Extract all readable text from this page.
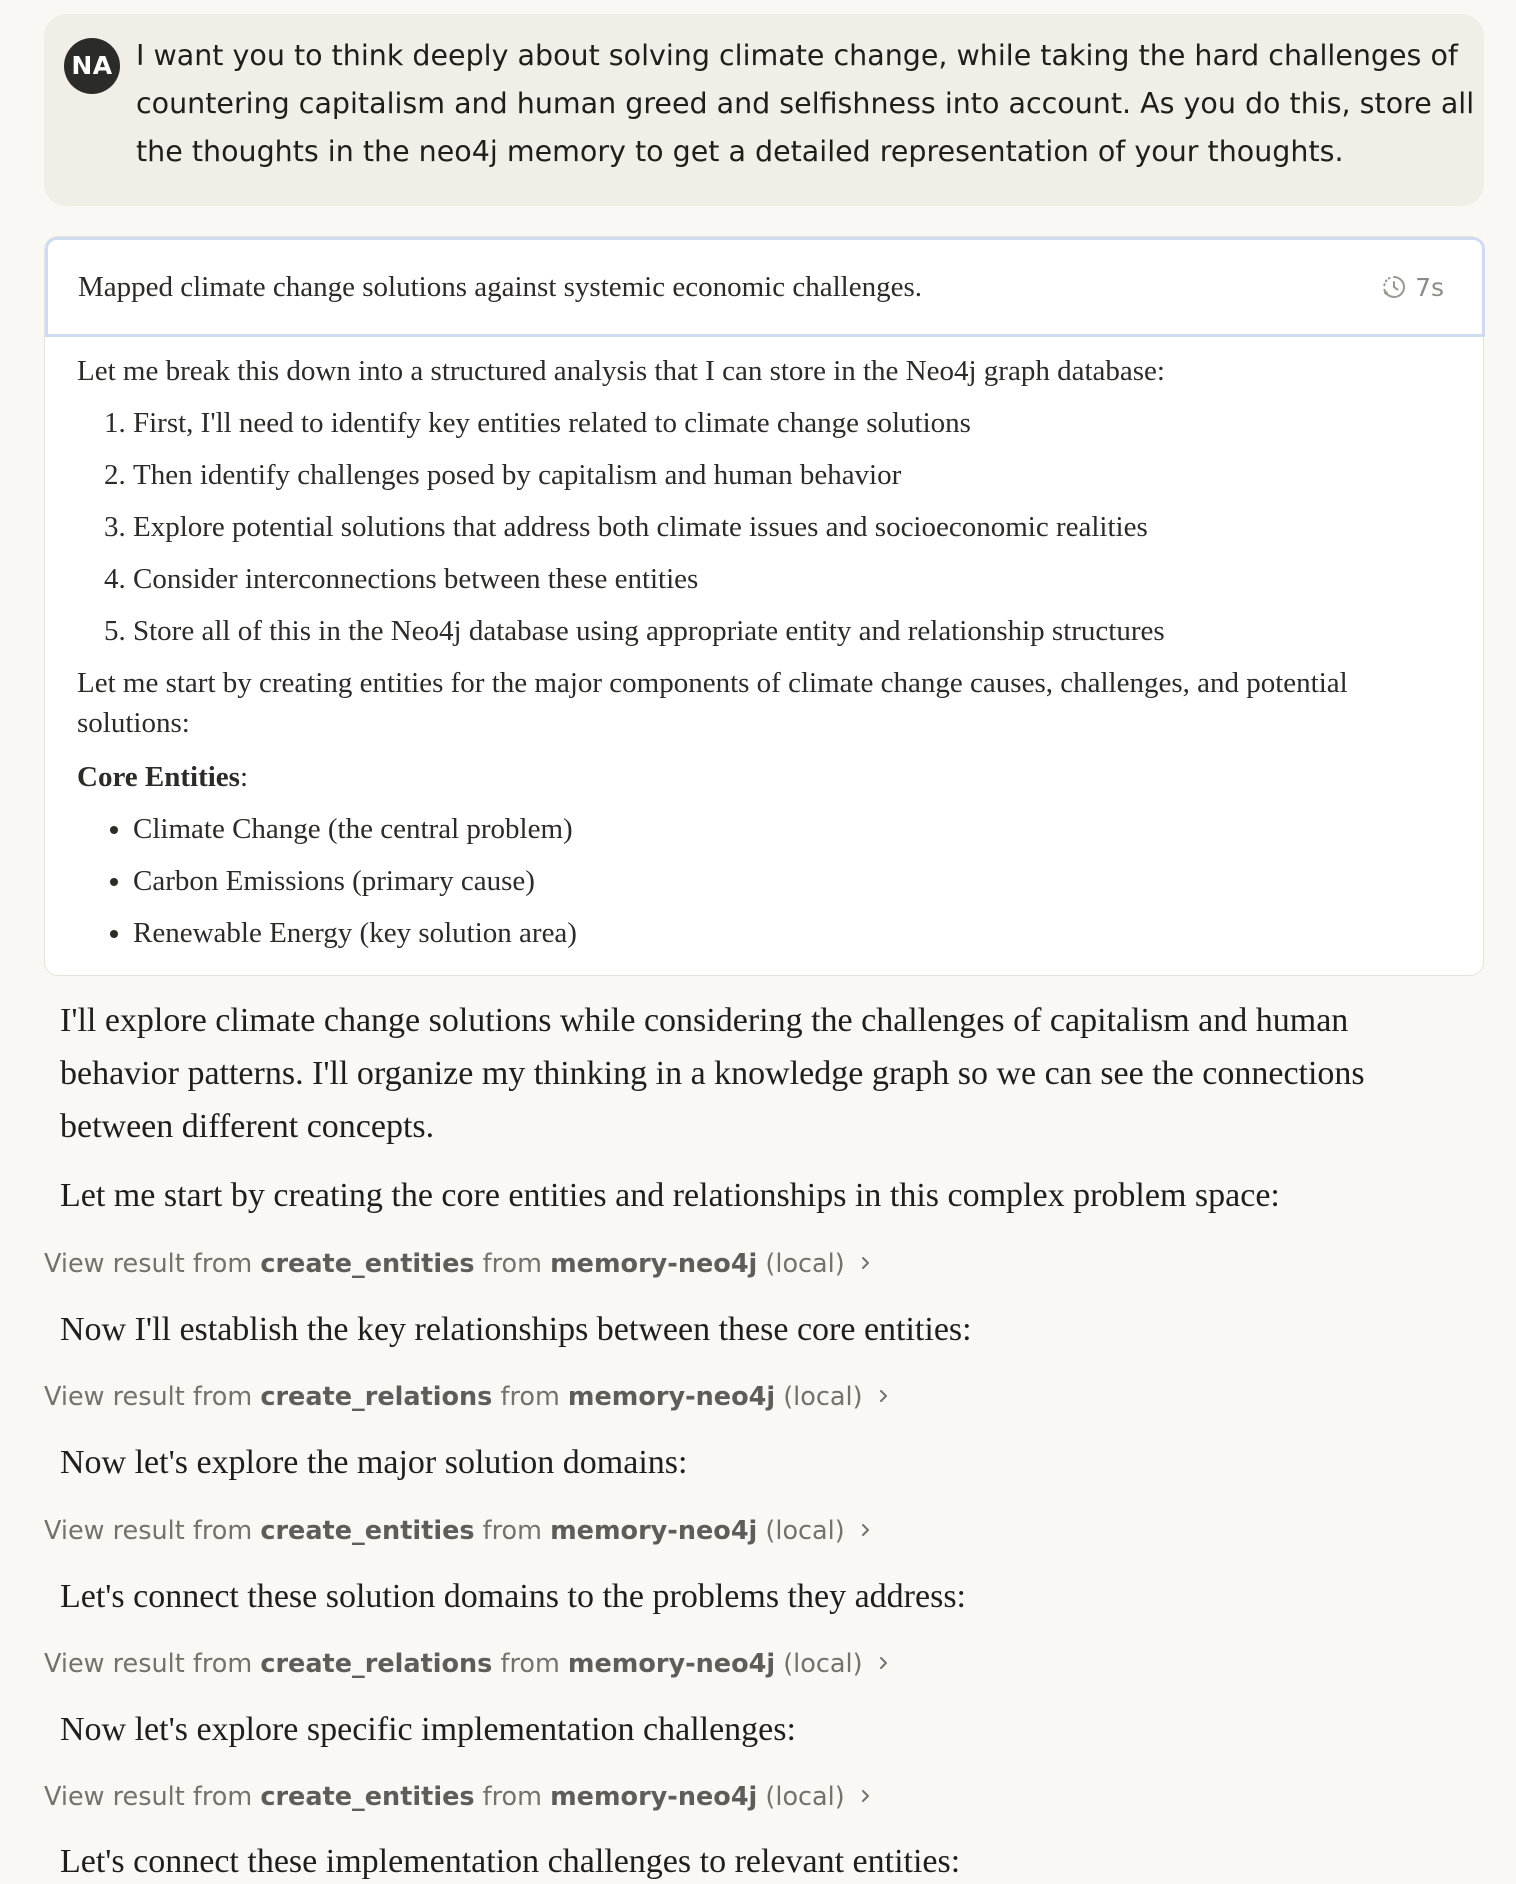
NA I want you to think deeply about solving climate change, while taking the hard challenges of countering capitalism and human greed and selfishness into account. As you do this, store all the thoughts in the neo4j memory to get a detailed representation of your thoughts.
Mapped climate change solutions against systemic economic challenges.	7s

Let me break this down into a structured analysis that I can store in the Neo4j graph database:

1. First, I'll need to identify key entities related to climate change solutions
2. Then identify challenges posed by capitalism and human behavior
3. Explore potential solutions that address both climate issues and socioeconomic realities
4. Consider interconnections between these entities
5. Store all of this in the Neo4j database using appropriate entity and relationship structures

Let me start by creating entities for the major components of climate change causes, challenges, and potential solutions:

Core Entities:

• Climate Change (the central problem)
• Carbon Emissions (primary cause)
• Renewable Energy (key solution area)
I'll explore climate change solutions while considering the challenges of capitalism and human behavior patterns. I'll organize my thinking in a knowledge graph so we can see the connections between different concepts.
Let me start by creating the core entities and relationships in this complex problem space:
View result from
create_entities
from
memory-neo4j
(local)
Now I'll establish the key relationships between these core entities:
View result from
create_relations
from
memory-neo4j
(local)
Now let's explore the major solution domains:
View result from
create_entities
from
memory-neo4j
(local)
Let's connect these solution domains to the problems they address:
View result from
create_relations
from
memory-neo4j
(local)
Now let's explore specific implementation challenges:
View result from
create_entities
from
memory-neo4j
(local)
Let's connect these implementation challenges to relevant entities:
